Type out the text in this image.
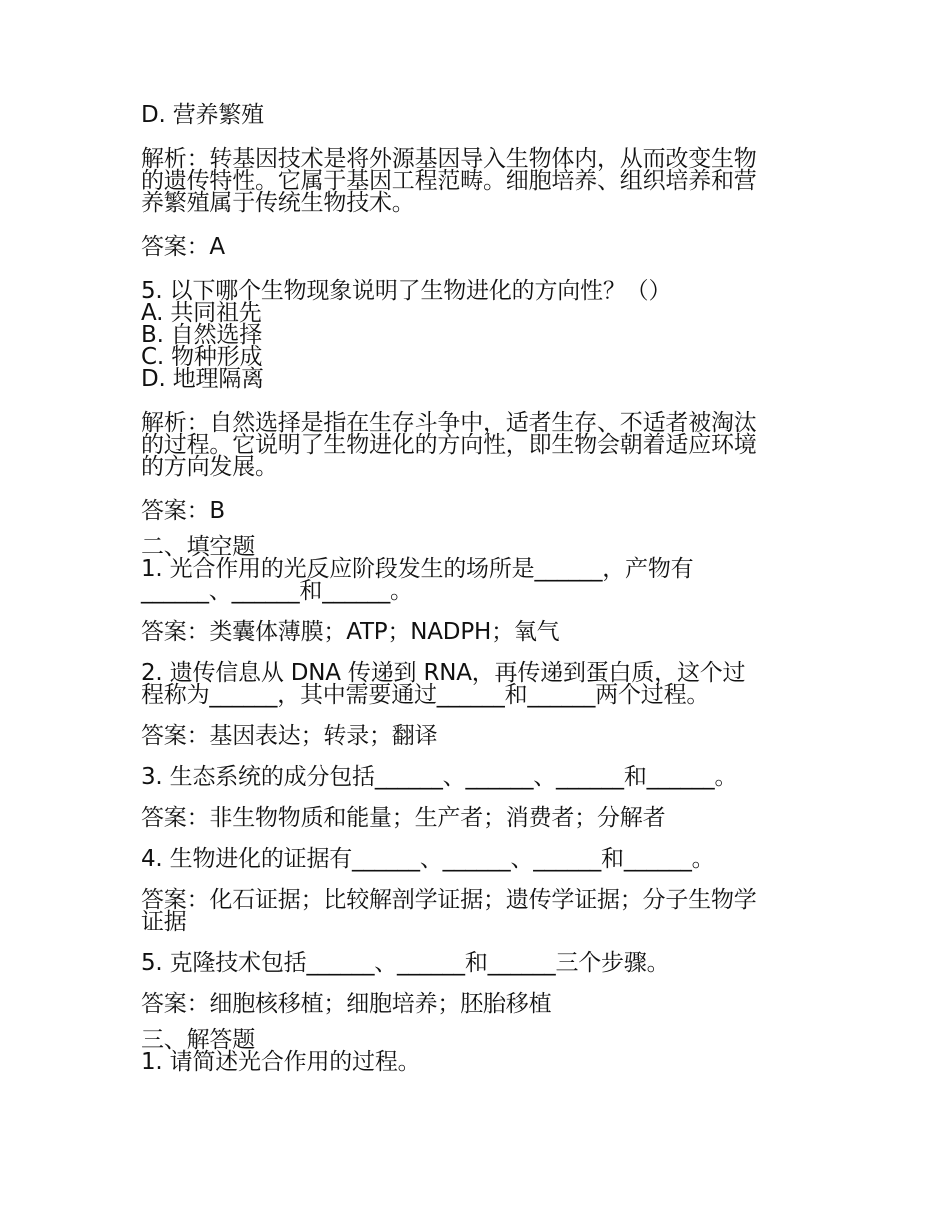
D. 营养繁殖
解析：转基因技术是将外源基因导入生物体内，从而改变生物
的遗传特性。它属于基因工程范畴。细胞培养、组织培养和营
养繁殖属于传统生物技术。
答案：A
5. 以下哪个生物现象说明了生物进化的方向性？（）
A. 共同祖先
B. 自然选择
C. 物种形成
D. 地理隔离
解析：自然选择是指在生存斗争中，适者生存、不适者被淘汰
的过程。它说明了生物进化的方向性，即生物会朝着适应环境
的方向发展。
答案：B
二、填空题
1. 光合作用的光反应阶段发生的场所是______，产物有
______、______和______。
答案：类囊体薄膜；ATP；NADPH；氧气
2. 遗传信息从 DNA 传递到 RNA，再传递到蛋白质，这个过
程称为______，其中需要通过______和______两个过程。
答案：基因表达；转录；翻译
3. 生态系统的成分包括______、______、______和______。
答案：非生物物质和能量；生产者；消费者；分解者
4. 生物进化的证据有______、______、______和______。
答案：化石证据；比较解剖学证据；遗传学证据；分子生物学
证据
5. 克隆技术包括______、______和______三个步骤。
答案：细胞核移植；细胞培养；胚胎移植
三、解答题
1. 请简述光合作用的过程。
